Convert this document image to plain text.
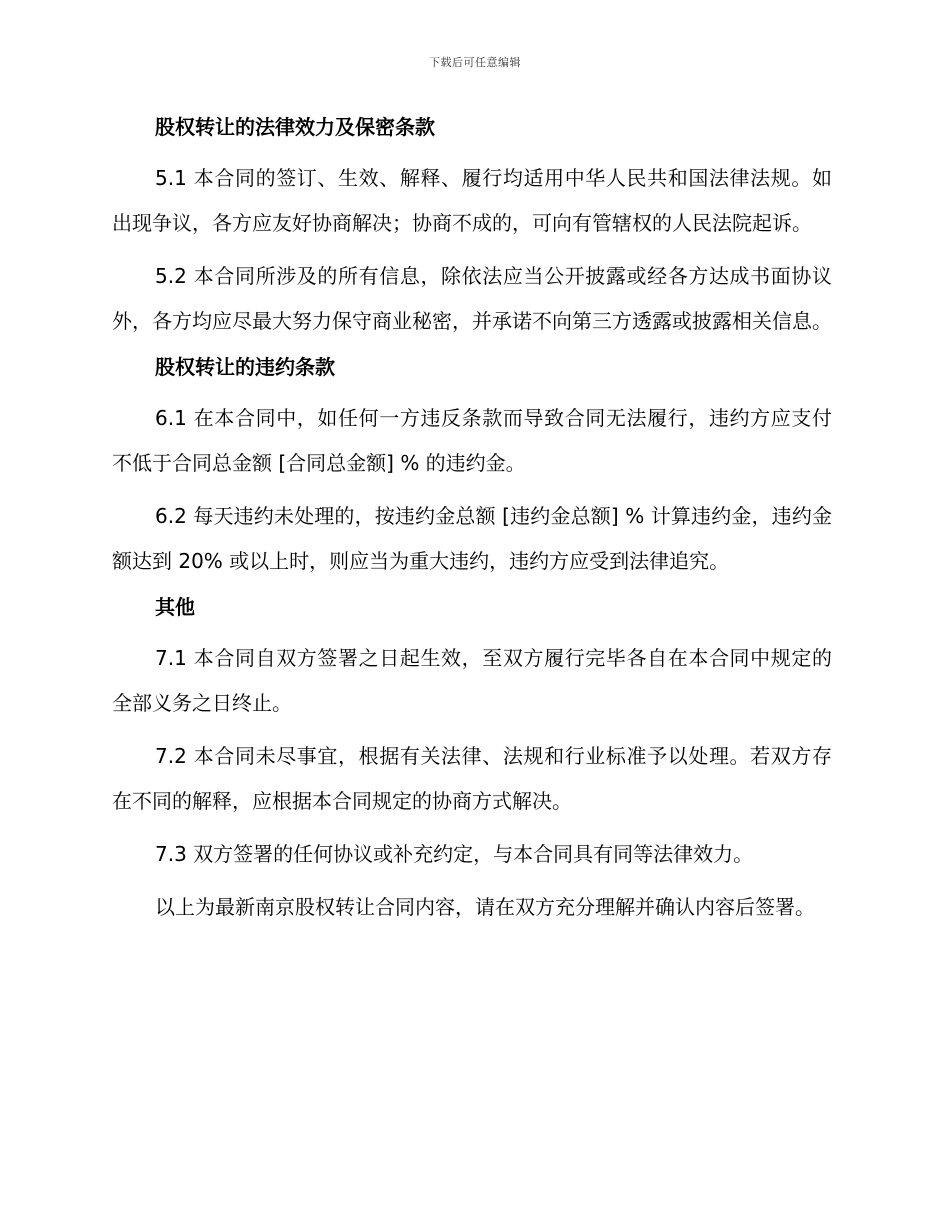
下载后可任意编辑
股权转让的法律效力及保密条款

5.1 本合同的签订、生效、解释、履行均适用中华人民共和国法律法规。如出现争议，各方应友好协商解决；协商不成的，可向有管辖权的人民法院起诉。

5.2 本合同所涉及的所有信息，除依法应当公开披露或经各方达成书面协议外，各方均应尽最大努力保守商业秘密，并承诺不向第三方透露或披露相关信息。

股权转让的违约条款

6.1 在本合同中，如任何一方违反条款而导致合同无法履行，违约方应支付不低于合同总金额 [合同总金额] % 的违约金。

6.2 每天违约未处理的，按违约金总额 [违约金总额] % 计算违约金，违约金额达到 20% 或以上时，则应当为重大违约，违约方应受到法律追究。

其他

7.1 本合同自双方签署之日起生效，至双方履行完毕各自在本合同中规定的全部义务之日终止。

7.2 本合同未尽事宜，根据有关法律、法规和行业标准予以处理。若双方存在不同的解释，应根据本合同规定的协商方式解决。

7.3 双方签署的任何协议或补充约定，与本合同具有同等法律效力。

以上为最新南京股权转让合同内容，请在双方充分理解并确认内容后签署。
